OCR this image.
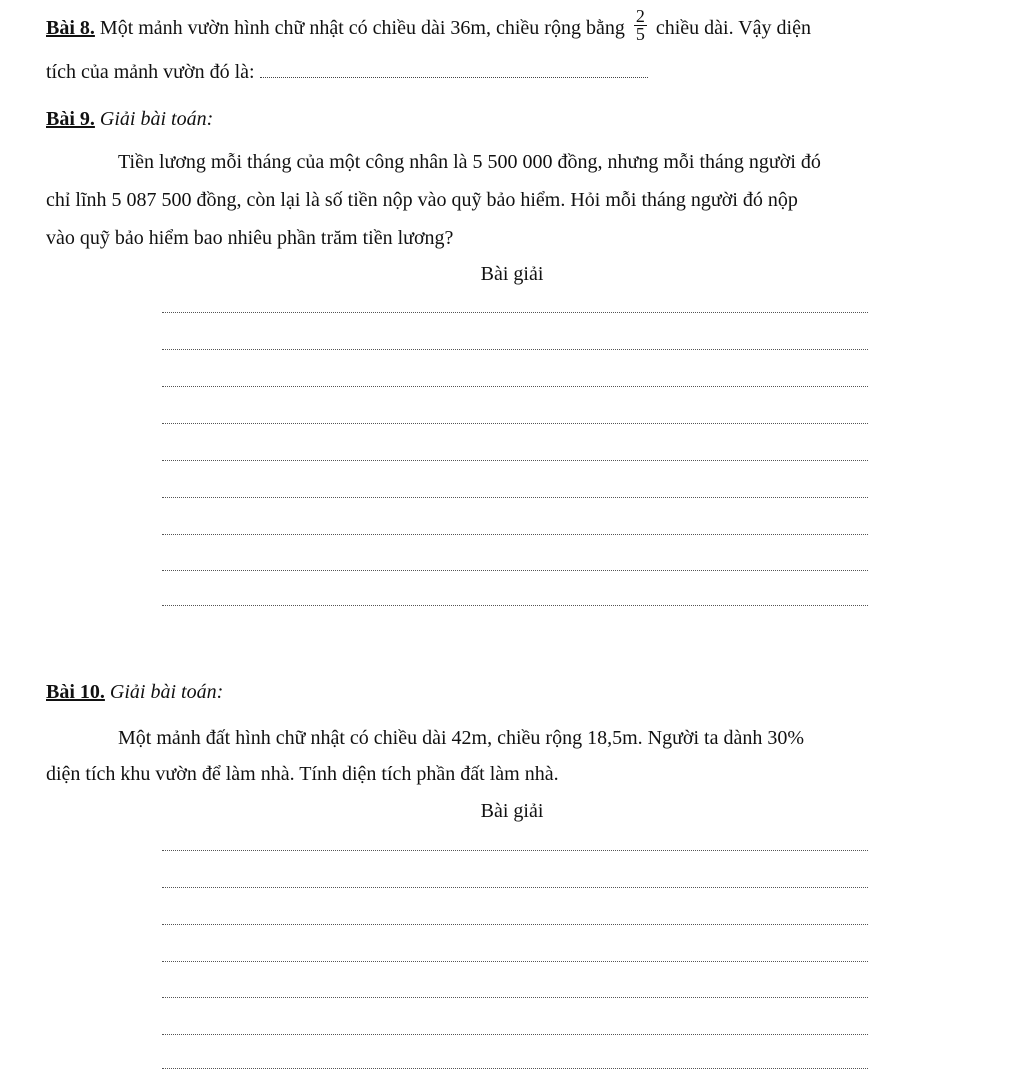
Bài 8. Một mảnh vườn hình chữ nhật có chiều dài 36m, chiều rộng bằng $\frac{2}{5}$ chiều dài. Vậy diện
tích của mảnh vườn đó là:
Bài 9. Giải bài toán:
Tiền lương mỗi tháng của một công nhân là 5 500 000 đồng, nhưng mỗi tháng người đó
chỉ lĩnh 5 087 500 đồng, còn lại là số tiền nộp vào quỹ bảo hiểm. Hỏi mỗi tháng người đó nộp
vào quỹ bảo hiểm bao nhiêu phần trăm tiền lương?
Bài giải
Bài 10. Giải bài toán:
Một mảnh đất hình chữ nhật có chiều dài 42m, chiều rộng 18,5m. Người ta dành 30%
diện tích khu vườn để làm nhà. Tính diện tích phần đất làm nhà.
Bài giải
